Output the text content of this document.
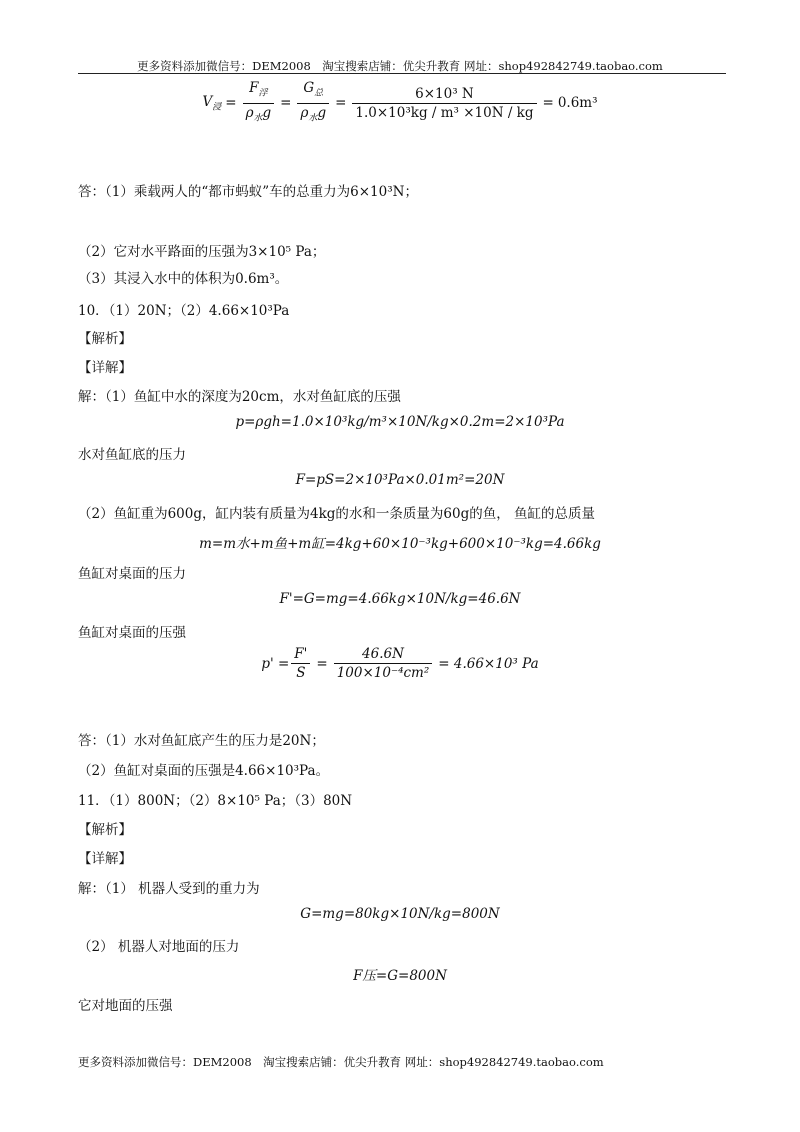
更多资料添加微信号：DEM2008　淘宝搜索店铺：优尖升教育 网址：shop492842749.taobao.com
$V_浸 = \frac{F_浮}{\rho_水g} = \frac{G_总}{\rho_水g} = \frac{\text{6×10³ N}}{\text{1.0×10³kg / m³ ×10N / kg}} = 0.6m^3$
答：（1）乘载两人的“都市蚂蚁”车的总重力为6×10³N；
（2）它对水平路面的压强为3×10⁵ Pa；
（3）其浸入水中的体积为0.6m³。
10．（1）20N；（2）4.66×10³Pa
【解析】
【详解】
解：（1）鱼缸中水的深度为20cm，水对鱼缸底的压强
p=ρgh=1.0×10³kg/m³×10N/kg×0.2m=2×10³Pa
水对鱼缸底的压力
F=pS=2×10³Pa×0.01m²=20N
（2）鱼缸重为600g，缸内装有质量为4kg的水和一条质量为60g的鱼， 鱼缸的总质量
m=m水+m鱼+m缸=4kg+60×10⁻³kg+600×10⁻³kg=4.66kg
鱼缸对桌面的压力
F'=G=mg=4.66kg×10N/kg=46.6N
鱼缸对桌面的压强
$p' = \frac{F'}{S} = \frac{46.6N}{\text{100×10⁻⁴cm²}} = 4.66\times 10^3$ Pa
答：（1）水对鱼缸底产生的压力是20N；
（2）鱼缸对桌面的压强是4.66×10³Pa。
11．（1）800N；（2）8×10⁵ Pa；（3）80N
【解析】
【详解】
解：（1） 机器人受到的重力为
G=mg=80kg×10N/kg=800N
（2） 机器人对地面的压力
F压=G=800N
它对地面的压强
更多资料添加微信号：DEM2008　淘宝搜索店铺：优尖升教育 网址：shop492842749.taobao.com
